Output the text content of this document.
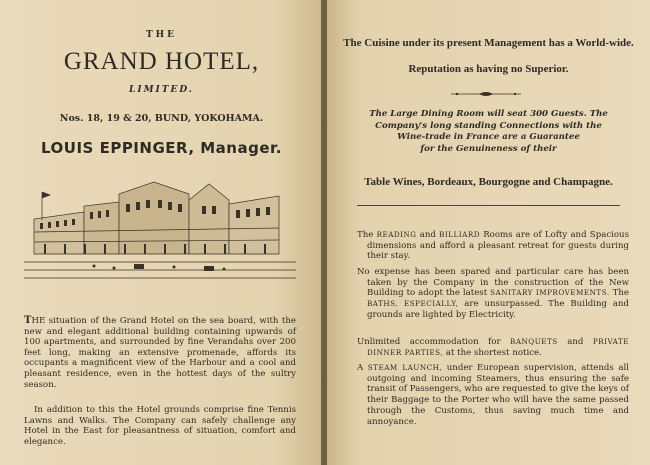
THE
GRAND HOTEL,
LIMITED.
Nos. 18, 19 & 20, BUND, YOKOHAMA.
LOUIS EPPINGER, Manager.
THE situation of the Grand Hotel on the sea board, with the new and elegant additional building containing upwards of 100 apartments, and surrounded by fine Verandahs over 200 feet long, making an extensive promenade, affords its occupants a magnificent view of the Harbour and a cool and pleasant residence, even in the hottest days of the sultry season.
In addition to this the Hotel grounds comprise fine Tennis Lawns and Walks. The Company can safely challenge any Hotel in the East for pleasantness of situation, comfort and elegance.
The Cuisine under its present Management has a World-wide.
Reputation as having no Superior.
The Large Dining Room will seat 300 Guests. The
Company's long standing Connections with the
Wine-trade in France are a Guarantee
for the Genuineness of their
Table Wines, Bordeaux, Bourgogne and Champagne.
The READING and BILLIARD Rooms are of Lofty and Spacious dimensions and afford a pleasant retreat for guests during their stay.
No expense has been spared and particular care has been taken by the Company in the construction of the New Building to adopt the latest SANITARY IMPROVEMENTS. The BATHS, ESPECIALLY, are unsurpassed. The Building and grounds are lighted by Electricity.
Unlimited accommodation for BANQUETS and PRIVATE DINNER PARTIES, at the shortest notice.
A STEAM LAUNCH, under European supervision, attends all outgoing and incoming Steamers, thus ensuring the safe transit of Passengers, who are requested to give the keys of their Baggage to the Porter who will have the same passed through the Customs, thus saving much time and annoyance.
